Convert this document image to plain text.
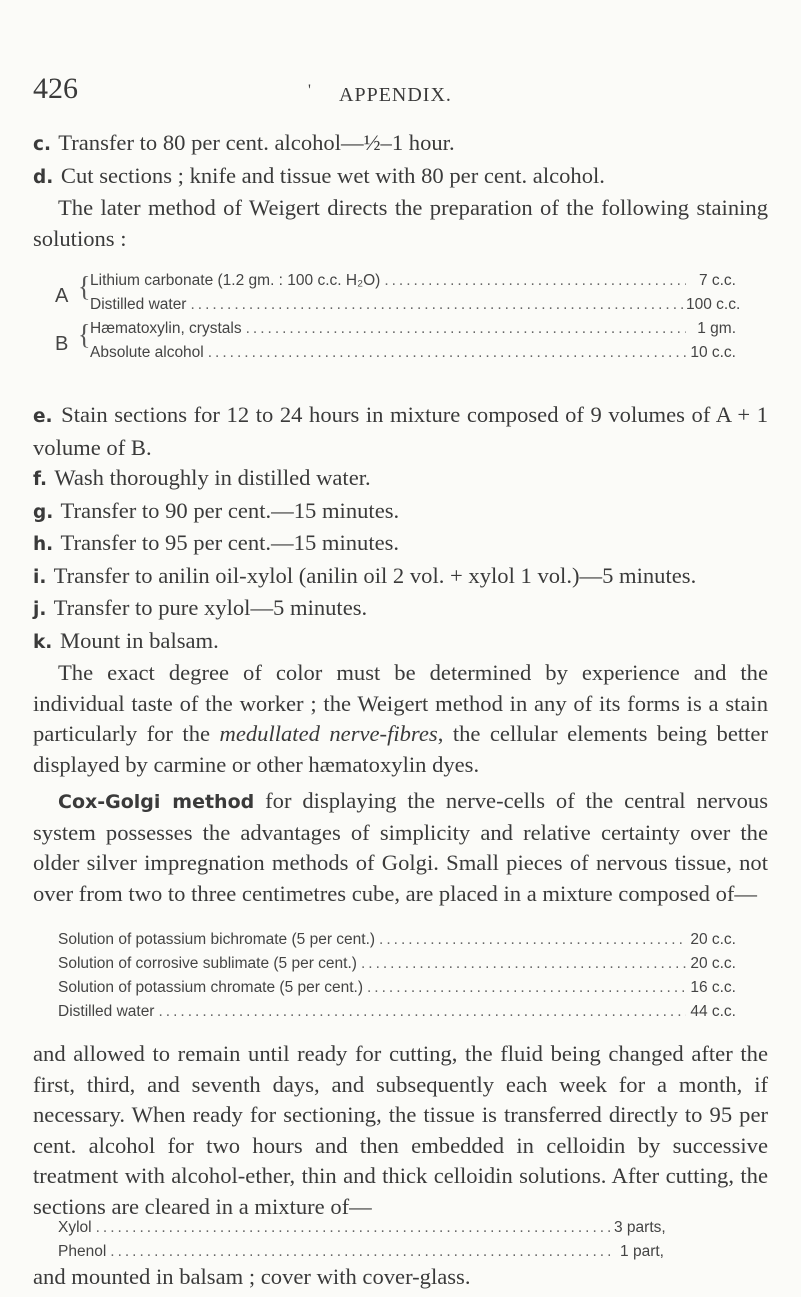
426	' APPENDIX.

c. Transfer to 80 per cent. alcohol—½–1 hour.

d. Cut sections ; knife and tissue wet with 80 per cent. alcohol.

The later method of Weigert directs the preparation of the following staining solutions :

A
B
{
{
Lithium carbonate (1.2 gm. : 100 c.c. H₂O) .....	7 c.c.
Distilled water .....	100 c.c.
Hæmatoxylin, crystals .....	1 gm.
Absolute alcohol .....	10 c.c.

e. Stain sections for 12 to 24 hours in mixture composed of 9 volumes of A + 1 volume of B.

f. Wash thoroughly in distilled water.

g. Transfer to 90 per cent.—15 minutes.

h. Transfer to 95 per cent.—15 minutes.

i. Transfer to anilin oil-xylol (anilin oil 2 vol. + xylol 1 vol.)—5 minutes.

j. Transfer to pure xylol—5 minutes.

k. Mount in balsam.

The exact degree of color must be determined by experience and the individual taste of the worker ; the Weigert method in any of its forms is a stain particularly for the medullated nerve-fibres, the cellular elements being better displayed by carmine or other hæmatoxylin dyes.

Cox-Golgi method for displaying the nerve-cells of the central nervous system possesses the advantages of simplicity and relative certainty over the older silver impregnation methods of Golgi. Small pieces of nervous tissue, not over from two to three centimetres cube, are placed in a mixture composed of—

Solution of potassium bichromate (5 per cent.) .....	20 c.c.
Solution of corrosive sublimate (5 per cent.) .....	20 c.c.
Solution of potassium chromate (5 per cent.) .....	16 c.c.
Distilled water .....	44 c.c.

and allowed to remain until ready for cutting, the fluid being changed after the first, third, and seventh days, and subsequently each week for a month, if necessary. When ready for sectioning, the tissue is transferred directly to 95 per cent. alcohol for two hours and then embedded in celloidin by successive treatment with alcohol-ether, thin and thick celloidin solutions. After cutting, the sections are cleared in a mixture of—

Xylol .....	3 parts,
Phenol .....	1 part,

and mounted in balsam ; cover with cover-glass.
